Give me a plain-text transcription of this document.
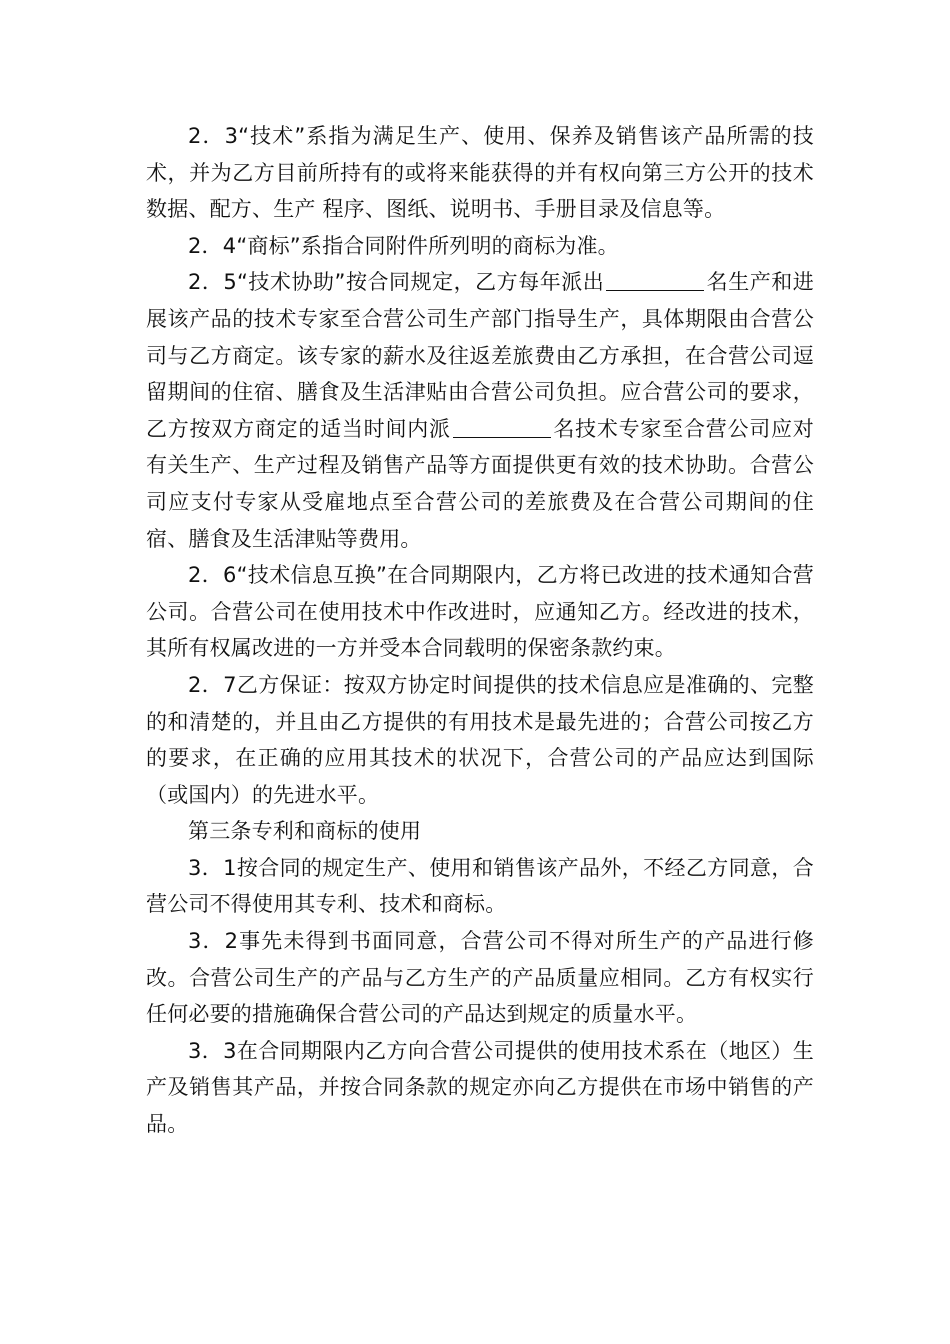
2．3“技术”系指为满足生产、使用、保养及销售该产品所需的技术，并为乙方目前所持有的或将来能获得的并有权向第三方公开的技术数据、配方、生产 程序、图纸、说明书、手册目录及信息等。

2．4“商标”系指合同附件所列明的商标为准。

2．5“技术协助”按合同规定，乙方每年派出	名生产和进展该产品的技术专家至合营公司生产部门指导生产，具体期限由合营公司与乙方商定。该专家的薪水及往返差旅费由乙方承担，在合营公司逗留期间的住宿、膳食及生活津贴由合营公司负担。应合营公司的要求，乙方按双方商定的适当时间内派	名技术专家至合营公司应对有关生产、生产过程及销售产品等方面提供更有效的技术协助。合营公司应支付专家从受雇地点至合营公司的差旅费及在合营公司期间的住宿、膳食及生活津贴等费用。

2．6“技术信息互换”在合同期限内，乙方将已改进的技术通知合营公司。合营公司在使用技术中作改进时，应通知乙方。经改进的技术，其所有权属改进的一方并受本合同载明的保密条款约束。

2．7乙方保证：按双方协定时间提供的技术信息应是准确的、完整的和清楚的，并且由乙方提供的有用技术是最先进的；合营公司按乙方的要求，在正确的应用其技术的状况下，合营公司的产品应达到国际（或国内）的先进水平。

第三条专利和商标的使用

3．1按合同的规定生产、使用和销售该产品外，不经乙方同意，合营公司不得使用其专利、技术和商标。

3．2事先未得到书面同意，合营公司不得对所生产的产品进行修改。合营公司生产的产品与乙方生产的产品质量应相同。乙方有权实行任何必要的措施确保合营公司的产品达到规定的质量水平。

3．3在合同期限内乙方向合营公司提供的使用技术系在（地区）生产及销售其产品，并按合同条款的规定亦向乙方提供在市场中销售的产品。
